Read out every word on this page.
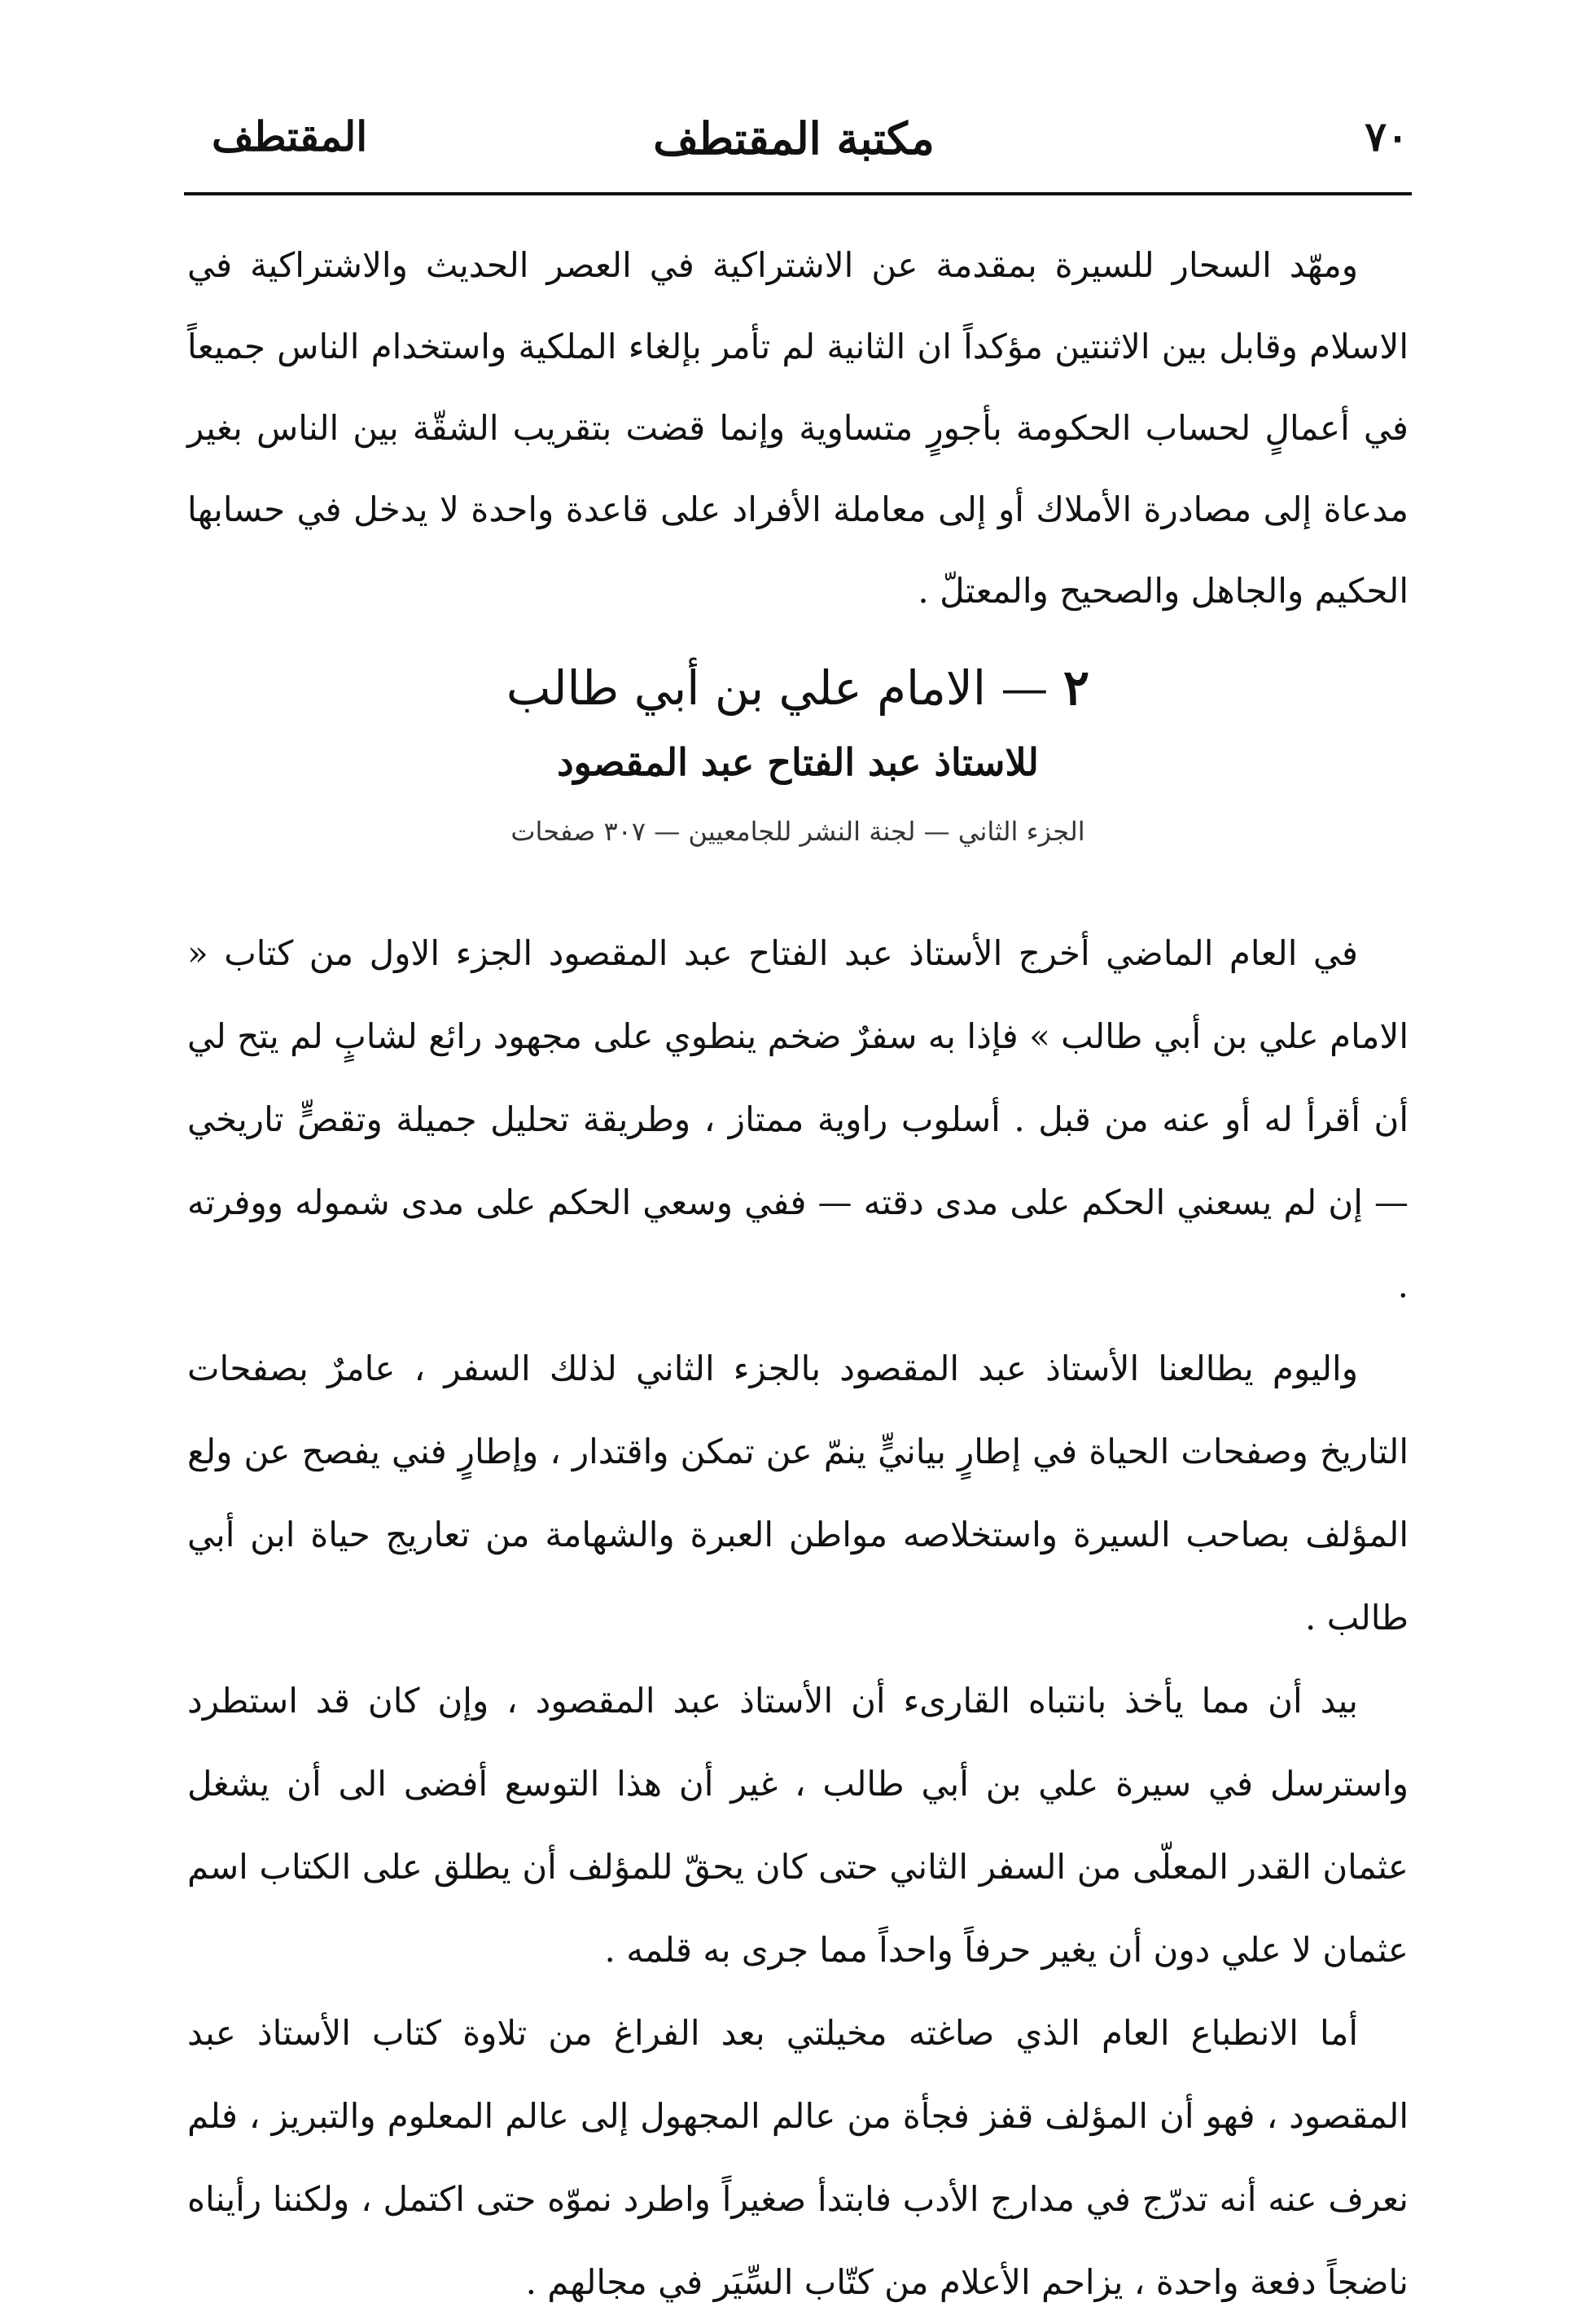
٧٠
مكتبة المقتطف
المقتطف

ومهّد السحار للسيرة بمقدمة عن الاشتراكية في العصر الحديث والاشتراكية في الاسلام وقابل بين الاثنتين مؤكداً ان الثانية لم تأمر بإلغاء الملكية واستخدام الناس جميعاً في أعمالٍ لحساب الحكومة بأجورٍ متساوية وإنما قضت بتقريب الشقّة بين الناس بغير مدعاة إلى مصادرة الأملاك أو إلى معاملة الأفراد على قاعدة واحدة لا يدخل في حسابها الحكيم والجاهل والصحيح والمعتلّ .

٢ — الامام علي بن أبي طالب
للاستاذ عبد الفتاح عبد المقصود
الجزء الثاني — لجنة النشر للجامعيين — ٣٠٧ صفحات

في العام الماضي أخرج الأستاذ عبد الفتاح عبد المقصود الجزء الاول من كتاب « الامام علي بن أبي طالب » فإذا به سفرٌ ضخم ينطوي على مجهود رائع لشابٍ لم يتح لي أن أقرأ له أو عنه من قبل . أسلوب راوية ممتاز ، وطريقة تحليل جميلة وتقصٍّ تاريخي — إن لم يسعني الحكم على مدى دقته — ففي وسعي الحكم على مدى شموله ووفرته .

واليوم يطالعنا الأستاذ عبد المقصود بالجزء الثاني لذلك السفر ، عامرٌ بصفحات التاريخ وصفحات الحياة في إطارٍ بيانيٍّ ينمّ عن تمكن واقتدار ، وإطارٍ فني يفصح عن ولع المؤلف بصاحب السيرة واستخلاصه مواطن العبرة والشهامة من تعاريج حياة ابن أبي طالب .

بيد أن مما يأخذ بانتباه القارىء أن الأستاذ عبد المقصود ، وإن كان قد استطرد واسترسل في سيرة علي بن أبي طالب ، غير أن هذا التوسع أفضى الى أن يشغل عثمان القدر المعلّى من السفر الثاني حتى كان يحقّ للمؤلف أن يطلق على الكتاب اسم عثمان لا علي دون أن يغير حرفاً واحداً مما جرى به قلمه .

أما الانطباع العام الذي صاغته مخيلتي بعد الفراغ من تلاوة كتاب الأستاذ عبد المقصود ، فهو أن المؤلف قفز فجأة من عالم المجهول إلى عالم المعلوم والتبريز ، فلم نعرف عنه أنه تدرّج في مدارج الأدب فابتدأ صغيراً واطرد نموّه حتى اكتمل ، ولكننا رأيناه ناضجاً دفعة واحدة ، يزاحم الأعلام من كتّاب السِّيَر في مجالهم .
